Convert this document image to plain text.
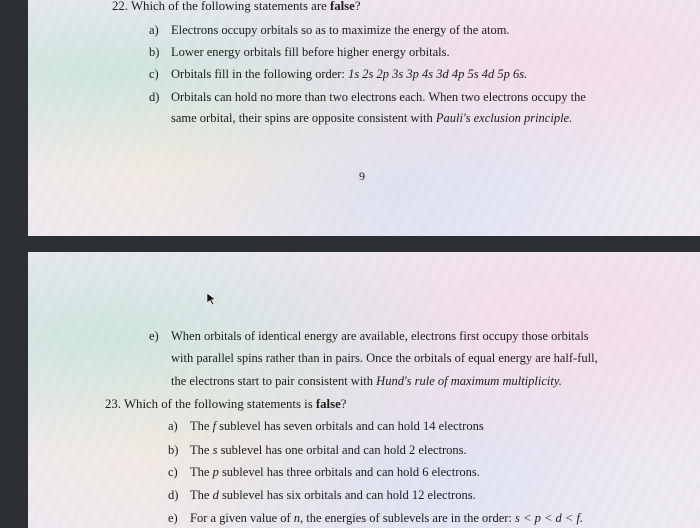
22. Which of the following statements are false?
a) Electrons occupy orbitals so as to maximize the energy of the atom.
b) Lower energy orbitals fill before higher energy orbitals.
c) Orbitals fill in the following order: 1s 2s 2p 3s 3p 4s 3d 4p 5s 4d 5p 6s.
d) Orbitals can hold no more than two electrons each. When two electrons occupy the
same orbital, their spins are opposite consistent with Pauli's exclusion principle.
9
e) When orbitals of identical energy are available, electrons first occupy those orbitals
with parallel spins rather than in pairs. Once the orbitals of equal energy are half-full,
the electrons start to pair consistent with Hund's rule of maximum multiplicity.
23. Which of the following statements is false?
a) The f sublevel has seven orbitals and can hold 14 electrons
b) The s sublevel has one orbital and can hold 2 electrons.
c) The p sublevel has three orbitals and can hold 6 electrons.
d) The d sublevel has six orbitals and can hold 12 electrons.
e) For a given value of n, the energies of sublevels are in the order: s < p < d < f.
